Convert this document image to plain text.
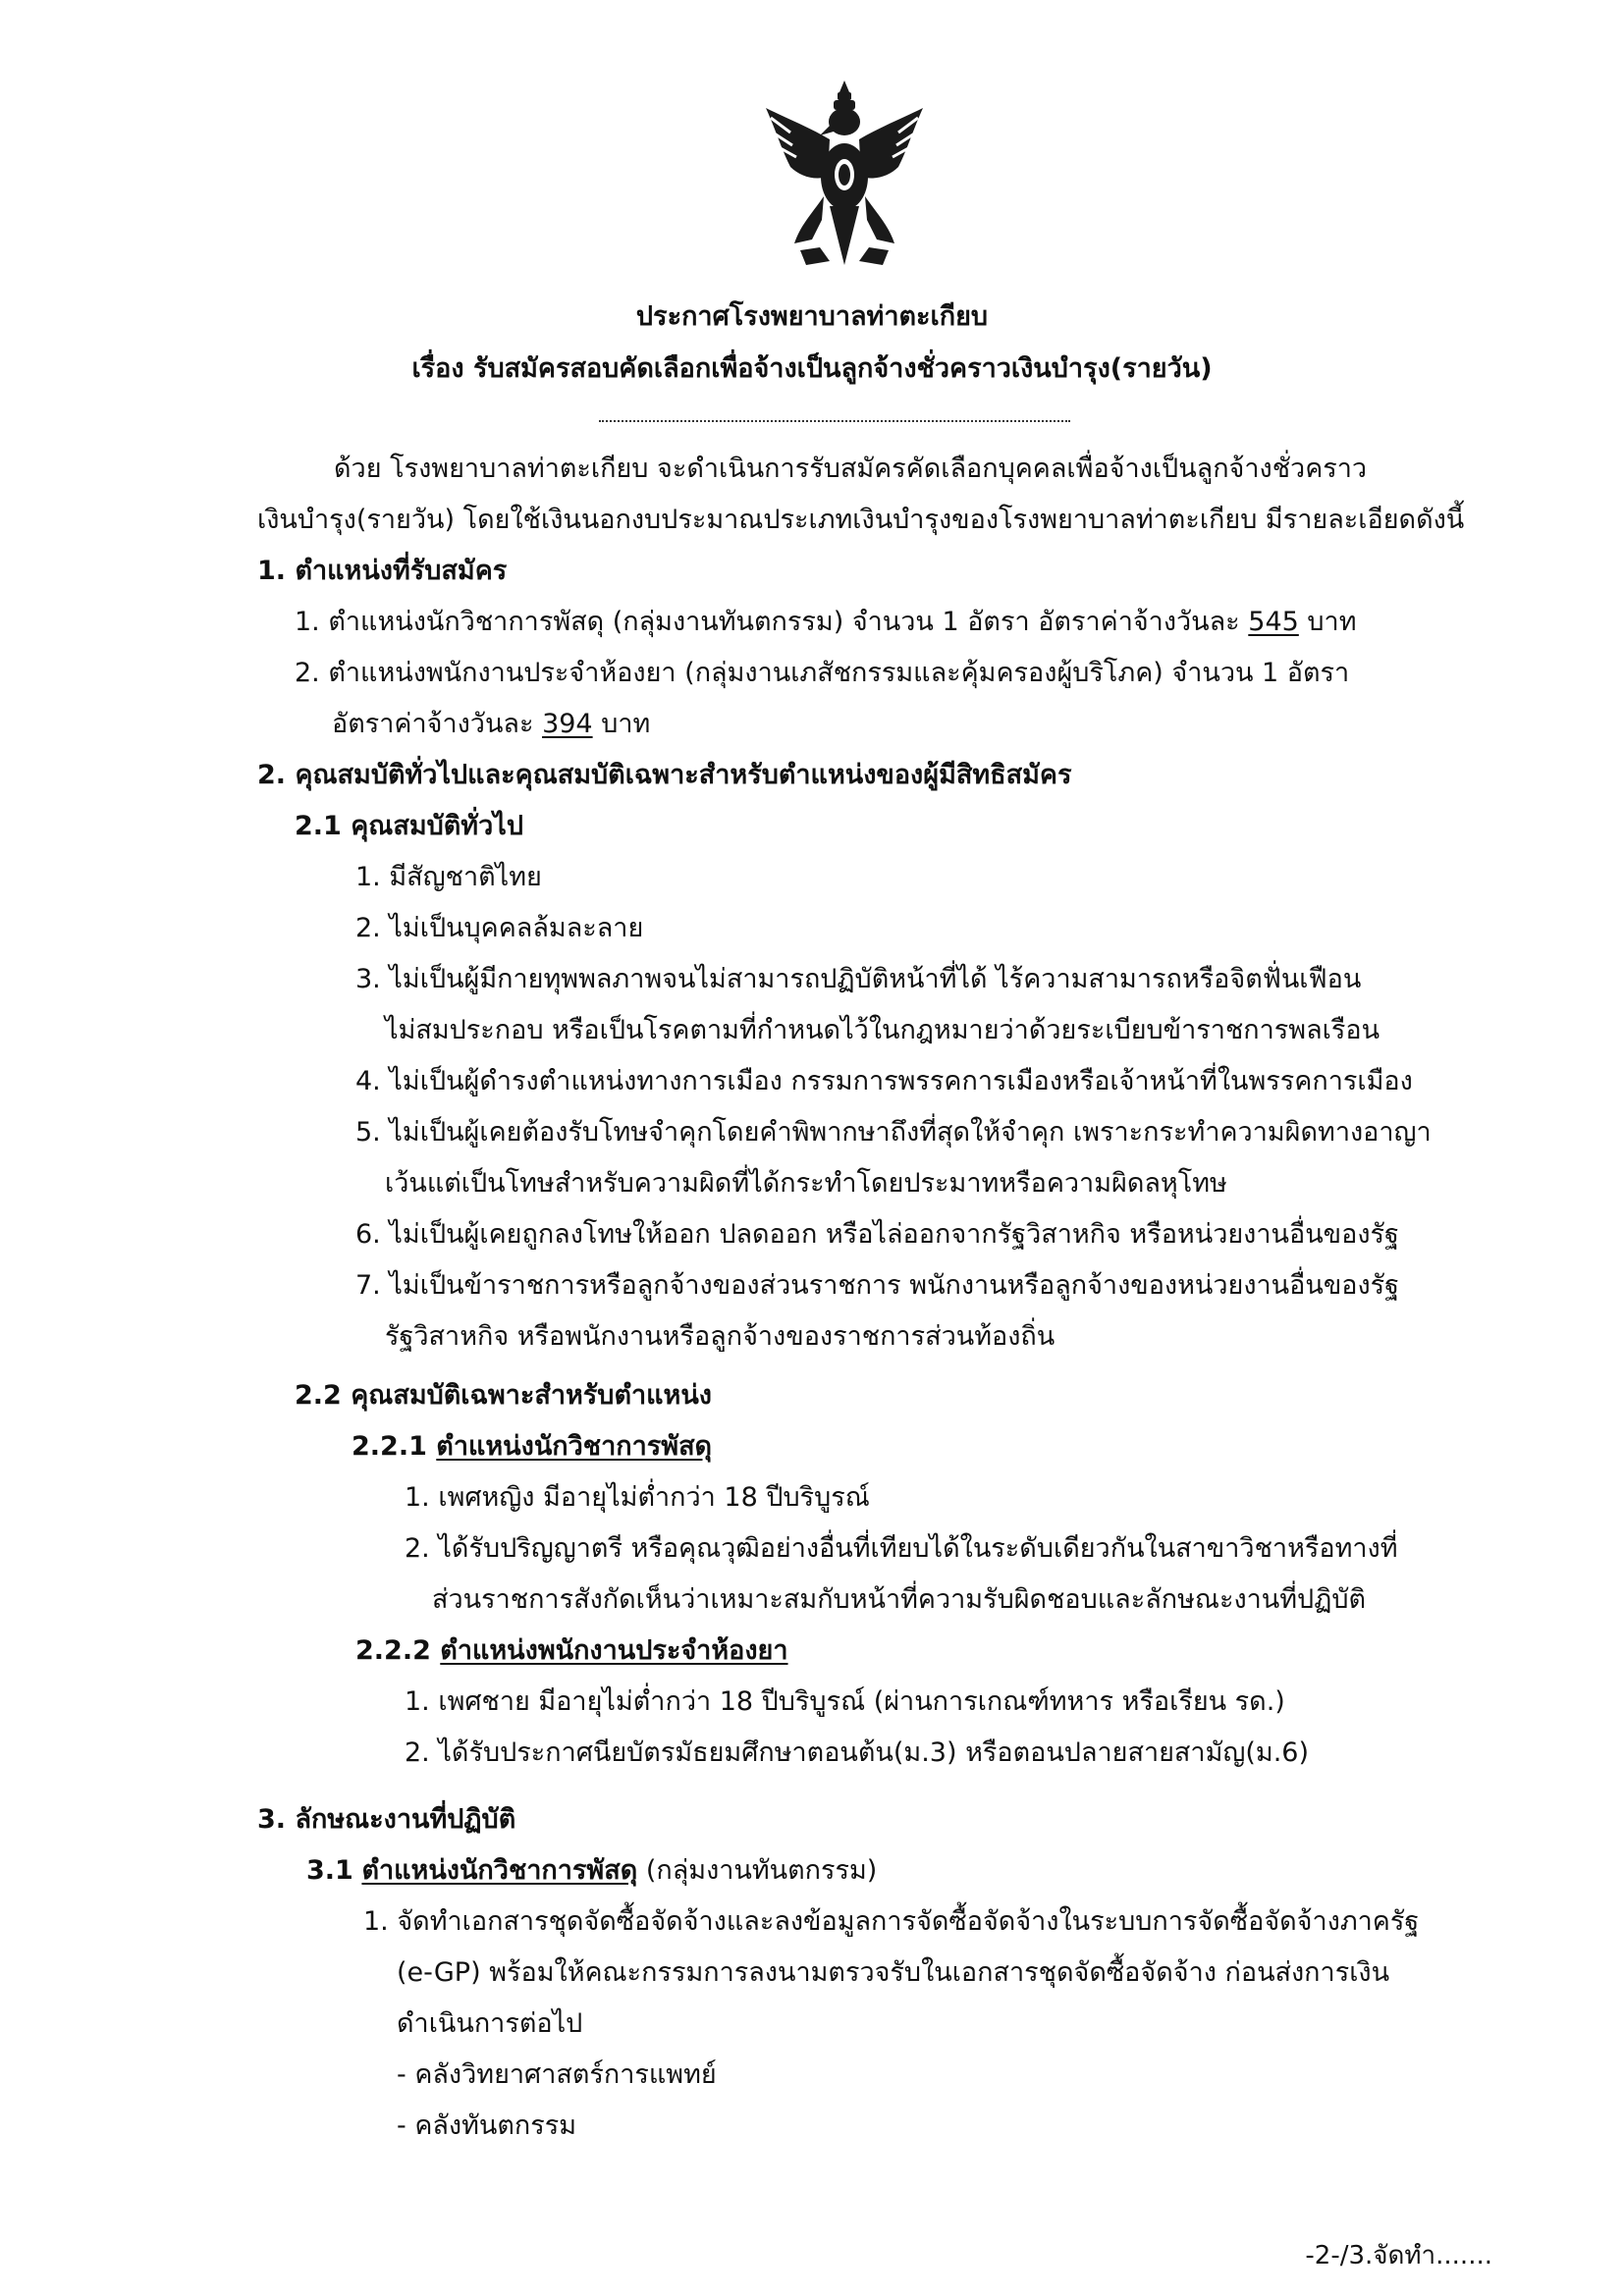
ประกาศโรงพยาบาลท่าตะเกียบ
เรื่อง รับสมัครสอบคัดเลือกเพื่อจ้างเป็นลูกจ้างชั่วคราวเงินบำรุง(รายวัน)
ด้วย โรงพยาบาลท่าตะเกียบ จะดำเนินการรับสมัครคัดเลือกบุคคลเพื่อจ้างเป็นลูกจ้างชั่วคราว
เงินบำรุง(รายวัน) โดยใช้เงินนอกงบประมาณประเภทเงินบำรุงของโรงพยาบาลท่าตะเกียบ มีรายละเอียดดังนี้
1. ตำแหน่งที่รับสมัคร
1. ตำแหน่งนักวิชาการพัสดุ (กลุ่มงานทันตกรรม) จำนวน 1 อัตรา อัตราค่าจ้างวันละ 545 บาท
2. ตำแหน่งพนักงานประจำห้องยา (กลุ่มงานเภสัชกรรมและคุ้มครองผู้บริโภค) จำนวน 1 อัตรา
อัตราค่าจ้างวันละ 394 บาท
2. คุณสมบัติทั่วไปและคุณสมบัติเฉพาะสำหรับตำแหน่งของผู้มีสิทธิสมัคร
2.1 คุณสมบัติทั่วไป
1. มีสัญชาติไทย
2. ไม่เป็นบุคคลล้มละลาย
3. ไม่เป็นผู้มีกายทุพพลภาพจนไม่สามารถปฏิบัติหน้าที่ได้ ไร้ความสามารถหรือจิตฟั่นเฟือน
ไม่สมประกอบ หรือเป็นโรคตามที่กำหนดไว้ในกฎหมายว่าด้วยระเบียบข้าราชการพลเรือน
4. ไม่เป็นผู้ดำรงตำแหน่งทางการเมือง กรรมการพรรคการเมืองหรือเจ้าหน้าที่ในพรรคการเมือง
5. ไม่เป็นผู้เคยต้องรับโทษจำคุกโดยคำพิพากษาถึงที่สุดให้จำคุก เพราะกระทำความผิดทางอาญา
เว้นแต่เป็นโทษสำหรับความผิดที่ได้กระทำโดยประมาทหรือความผิดลหุโทษ
6. ไม่เป็นผู้เคยถูกลงโทษให้ออก ปลดออก หรือไล่ออกจากรัฐวิสาหกิจ หรือหน่วยงานอื่นของรัฐ
7. ไม่เป็นข้าราชการหรือลูกจ้างของส่วนราชการ พนักงานหรือลูกจ้างของหน่วยงานอื่นของรัฐ
รัฐวิสาหกิจ หรือพนักงานหรือลูกจ้างของราชการส่วนท้องถิ่น
2.2 คุณสมบัติเฉพาะสำหรับตำแหน่ง
2.2.1 ตำแหน่งนักวิชาการพัสดุ
1. เพศหญิง มีอายุไม่ต่ำกว่า 18 ปีบริบูรณ์
2. ได้รับปริญญาตรี หรือคุณวุฒิอย่างอื่นที่เทียบได้ในระดับเดียวกันในสาขาวิชาหรือทางที่
ส่วนราชการสังกัดเห็นว่าเหมาะสมกับหน้าที่ความรับผิดชอบและลักษณะงานที่ปฏิบัติ
2.2.2 ตำแหน่งพนักงานประจำห้องยา
1. เพศชาย มีอายุไม่ต่ำกว่า 18 ปีบริบูรณ์ (ผ่านการเกณฑ์ทหาร หรือเรียน รด.)
2. ได้รับประกาศนียบัตรมัธยมศึกษาตอนต้น(ม.3) หรือตอนปลายสายสามัญ(ม.6)
3. ลักษณะงานที่ปฏิบัติ
3.1 ตำแหน่งนักวิชาการพัสดุ (กลุ่มงานทันตกรรม)
1. จัดทำเอกสารชุดจัดซื้อจัดจ้างและลงข้อมูลการจัดซื้อจัดจ้างในระบบการจัดซื้อจัดจ้างภาครัฐ
(e-GP) พร้อมให้คณะกรรมการลงนามตรวจรับในเอกสารชุดจัดซื้อจัดจ้าง ก่อนส่งการเงิน
ดำเนินการต่อไป
- คลังวิทยาศาสตร์การแพทย์
- คลังทันตกรรม
-2-/3.จัดทำ.......
